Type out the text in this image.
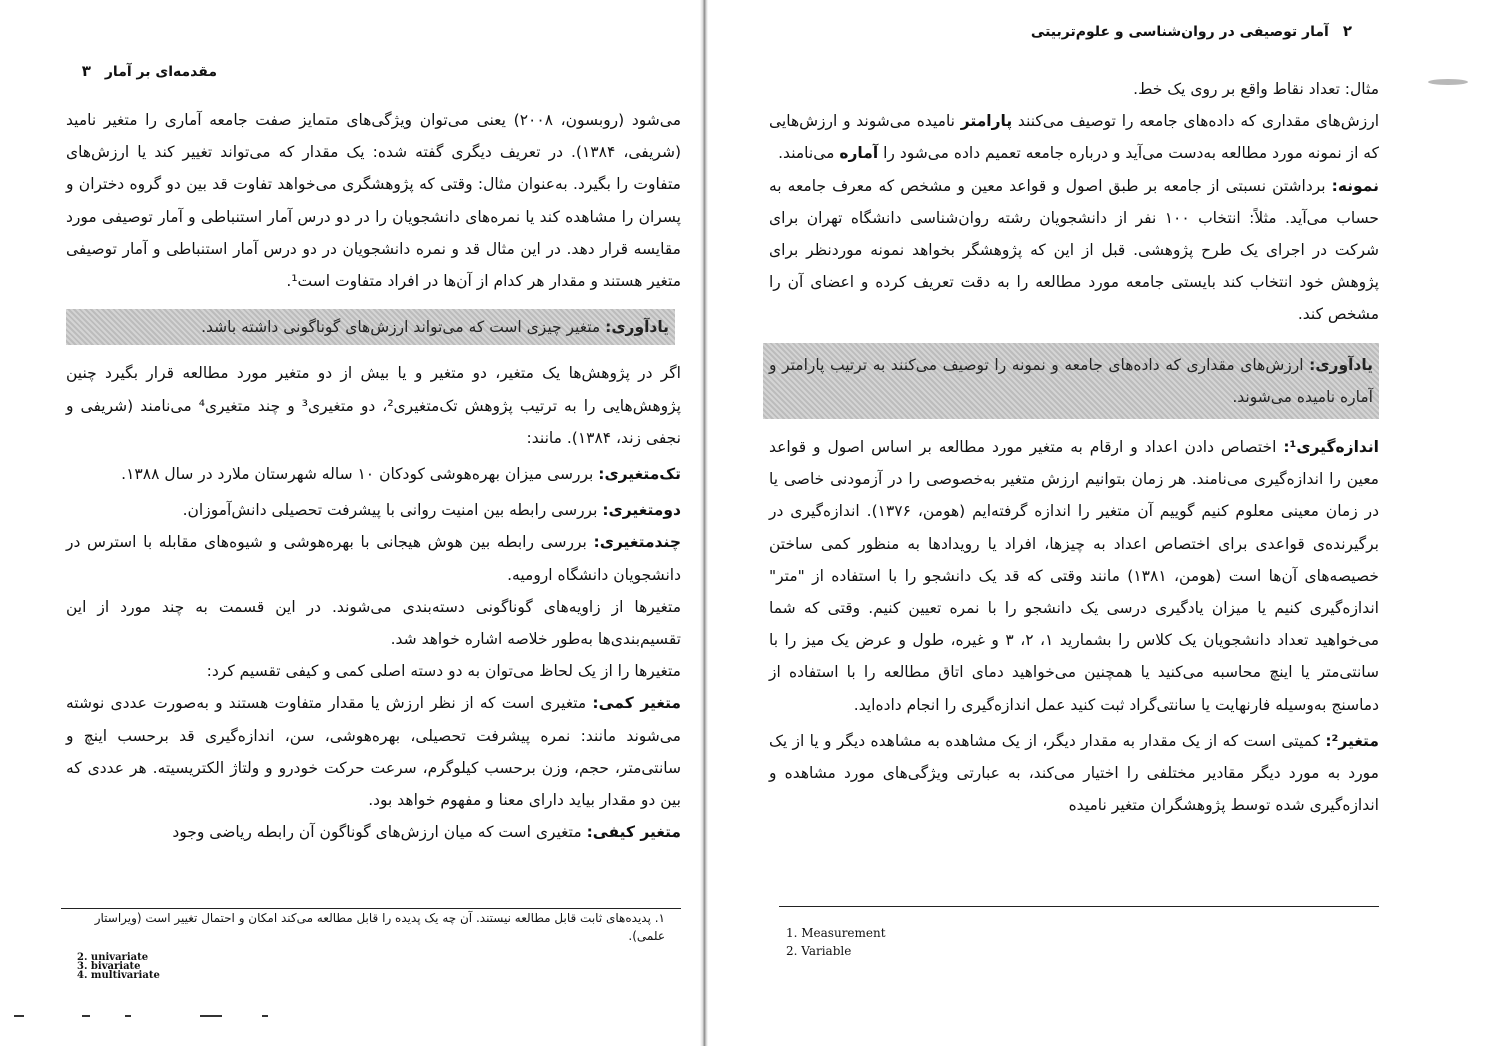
مقدمه‌ای بر آمار
۳

می‌شود (روبسون، ۲۰۰۸) یعنی می‌توان ویژگی‌های متمایز صفت جامعه آماری را متغیر نامید (شریفی، ۱۳۸۴). در تعریف دیگری گفته شده: یک مقدار که می‌تواند تغییر کند یا ارزش‌های متفاوت را بگیرد. به‌عنوان مثال: وقتی که پژوهشگری می‌خواهد تفاوت قد بین دو گروه دختران و پسران را مشاهده کند یا نمره‌های دانشجویان را در دو درس آمار استنباطی و آمار توصیفی مورد مقایسه قرار دهد. در این مثال قد و نمره دانشجویان در دو درس آمار استنباطی و آمار توصیفی متغیر هستند و مقدار هر کدام از آن‌ها در افراد متفاوت است¹.

یادآوری: متغیر چیزی است که می‌تواند ارزش‌های گوناگونی داشته باشد.

اگر در پژوهش‌ها یک متغیر، دو متغیر و یا بیش از دو متغیر مورد مطالعه قرار بگیرد چنین پژوهش‌هایی را به ترتیب پژوهش تک‌متغیری²، دو متغیری³ و چند متغیری⁴ می‌نامند (شریفی و نجفی زند، ۱۳۸۴). مانند:

تک‌متغیری: بررسی میزان بهره‌هوشی کودکان ۱۰ ساله شهرستان ملارد در سال ۱۳۸۸.

دومتغیری: بررسی رابطه بین امنیت روانی با پیشرفت تحصیلی دانش‌آموزان.

چندمتغیری: بررسی رابطه بین هوش هیجانی با بهره‌هوشی و شیوه‌های مقابله با استرس در دانشجویان دانشگاه ارومیه.

متغیرها از زاویه‌های گوناگونی دسته‌بندی می‌شوند. در این قسمت به چند مورد از این تقسیم‌بندی‌ها به‌طور خلاصه اشاره خواهد شد.

متغیرها را از یک لحاظ می‌توان به دو دسته اصلی کمی و کیفی تقسیم کرد:

متغیر کمی: متغیری است که از نظر ارزش یا مقدار متفاوت هستند و به‌صورت عددی نوشته می‌شوند مانند: نمره پیشرفت تحصیلی، بهره‌هوشی، سن، اندازه‌گیری قد برحسب اینچ و سانتی‌متر، حجم، وزن برحسب کیلوگرم، سرعت حرکت خودرو و ولتاژ الکتریسیته. هر عددی که بین دو مقدار بیاید دارای معنا و مفهوم خواهد بود.

متغیر کیفی: متغیری است که میان ارزش‌های گوناگون آن رابطه ریاضی وجود

۱. پدیده‌های ثابت قابل مطالعه نیستند. آن چه یک پدیده را قابل مطالعه می‌کند امکان و احتمال تغییر است (ویراستار علمی).

2. univariate
3. bivariate
4. multivariate
۲
آمار توصیفی در روان‌شناسی و علوم‌تربیتی

مثال: تعداد نقاط واقع بر روی یک خط.

ارزش‌های مقداری که داده‌های جامعه را توصیف می‌کنند پارامتر نامیده می‌شوند و ارزش‌هایی که از نمونه مورد مطالعه به‌دست می‌آید و درباره جامعه تعمیم داده می‌شود را آماره می‌نامند.

نمونه: برداشتن نسبتی از جامعه بر طبق اصول و قواعد معین و مشخص که معرف جامعه به حساب می‌آید. مثلاً: انتخاب ۱۰۰ نفر از دانشجویان رشته روان‌شناسی دانشگاه تهران برای شرکت در اجرای یک طرح پژوهشی. قبل از این که پژوهشگر بخواهد نمونه موردنظر برای پژوهش خود انتخاب کند بایستی جامعه مورد مطالعه را به دقت تعریف کرده و اعضای آن را مشخص کند.

یادآوری: ارزش‌های مقداری که داده‌های جامعه و نمونه را توصیف می‌کنند به ترتیب پارامتر و آماره نامیده می‌شوند.

اندازه‌گیری¹: اختصاص دادن اعداد و ارقام به متغیر مورد مطالعه بر اساس اصول و قواعد معین را اندازه‌گیری می‌نامند. هر زمان بتوانیم ارزش متغیر به‌خصوصی را در آزمودنی خاصی یا در زمان معینی معلوم کنیم گوییم آن متغیر را اندازه گرفته‌ایم (هومن، ۱۳۷۶). اندازه‌گیری در برگیرنده‌ی قواعدی برای اختصاص اعداد به چیزها، افراد یا رویدادها به منظور کمی ساختن خصیصه‌های آن‌ها است (هومن، ۱۳۸۱) مانند وقتی که قد یک دانشجو را با استفاده از "متر" اندازه‌گیری کنیم یا میزان یادگیری درسی یک دانشجو را با نمره تعیین کنیم. وقتی که شما می‌خواهید تعداد دانشجویان یک کلاس را بشمارید ۱، ۲، ۳ و غیره، طول و عرض یک میز را با سانتی‌متر یا اینچ محاسبه می‌کنید یا همچنین می‌خواهید دمای اتاق مطالعه را با استفاده از دماسنج به‌وسیله فارنهایت یا سانتی‌گراد ثبت کنید عمل اندازه‌گیری را انجام داده‌اید.

متغیر²: کمیتی است که از یک مقدار به مقدار دیگر، از یک مشاهده به مشاهده دیگر و یا از یک مورد به مورد دیگر مقادیر مختلفی را اختیار می‌کند، به عبارتی ویژگی‌های مورد مشاهده و اندازه‌گیری شده توسط پژوهشگران متغیر نامیده

1. Measurement

2. Variable
